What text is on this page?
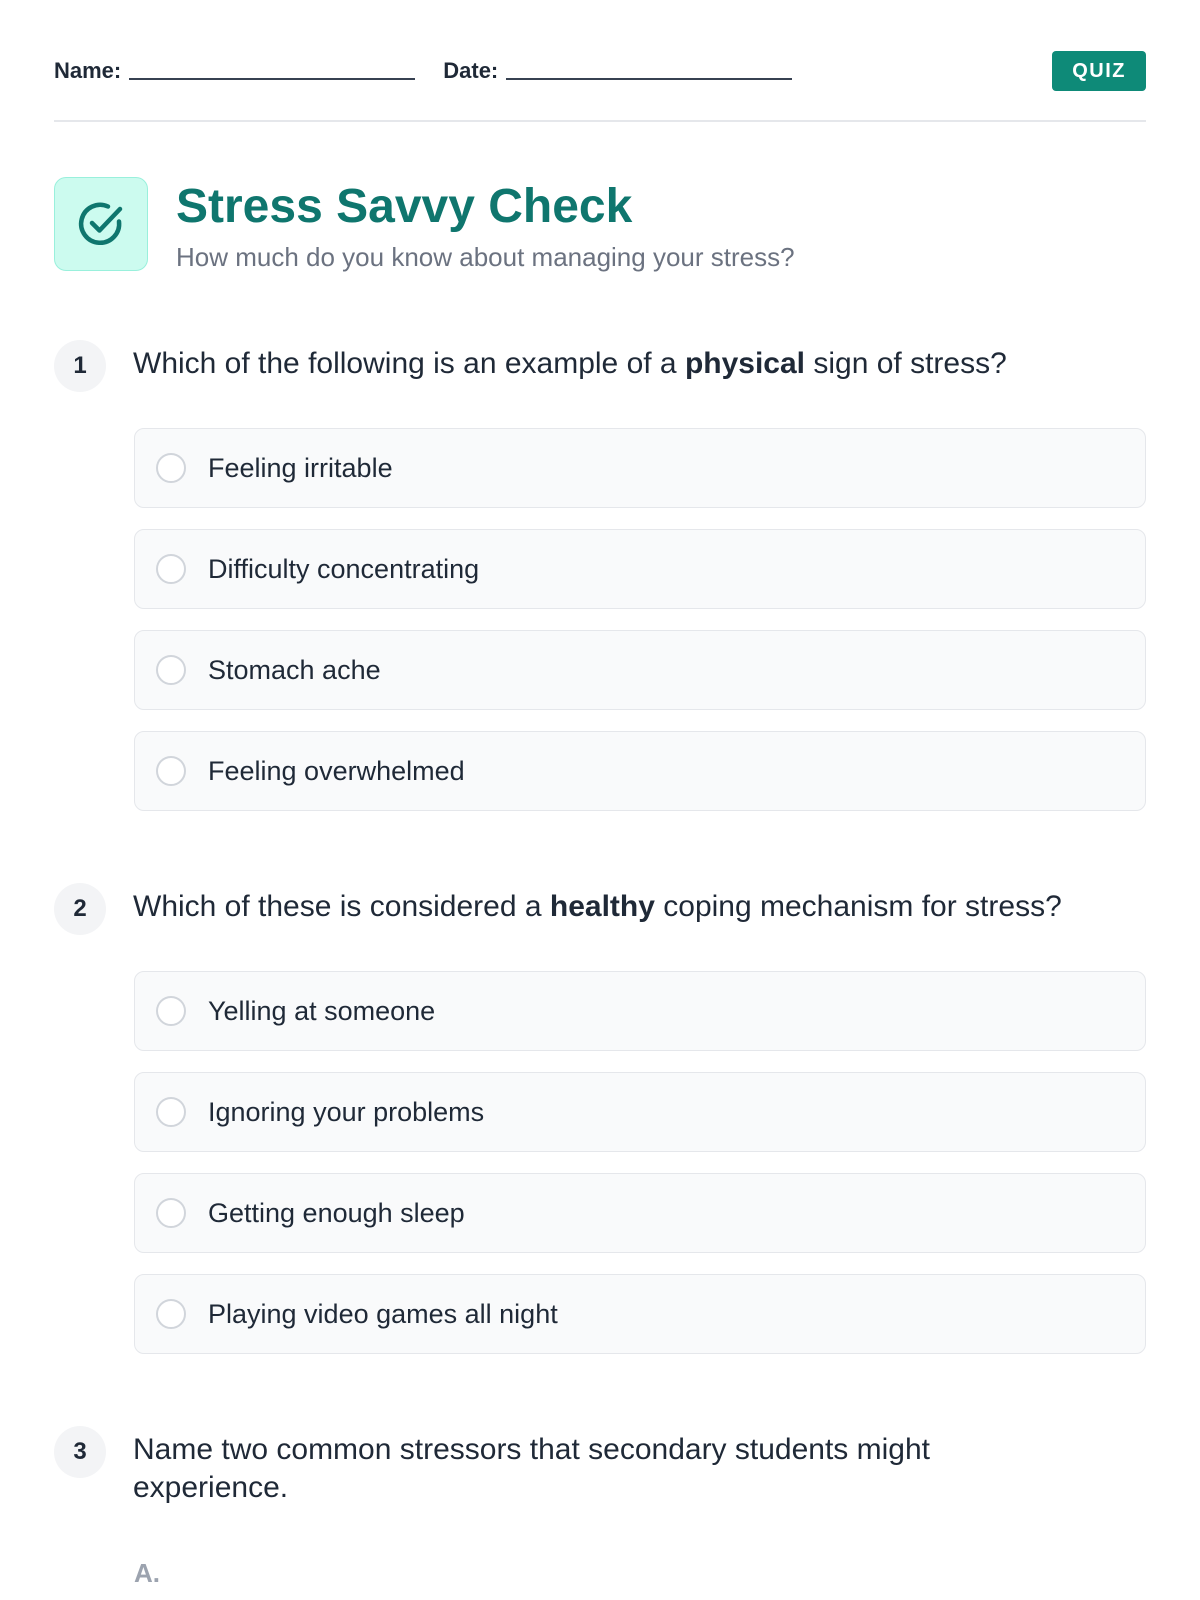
Name:	Date:	QUIZ
Stress Savvy Check
How much do you know about managing your stress?
1	Which of the following is an example of a physical sign of stress?
Feeling irritable
Difficulty concentrating
Stomach ache
Feeling overwhelmed
2	Which of these is considered a healthy coping mechanism for stress?
Yelling at someone
Ignoring your problems
Getting enough sleep
Playing video games all night
3	Name two common stressors that secondary students might experience.
A.
